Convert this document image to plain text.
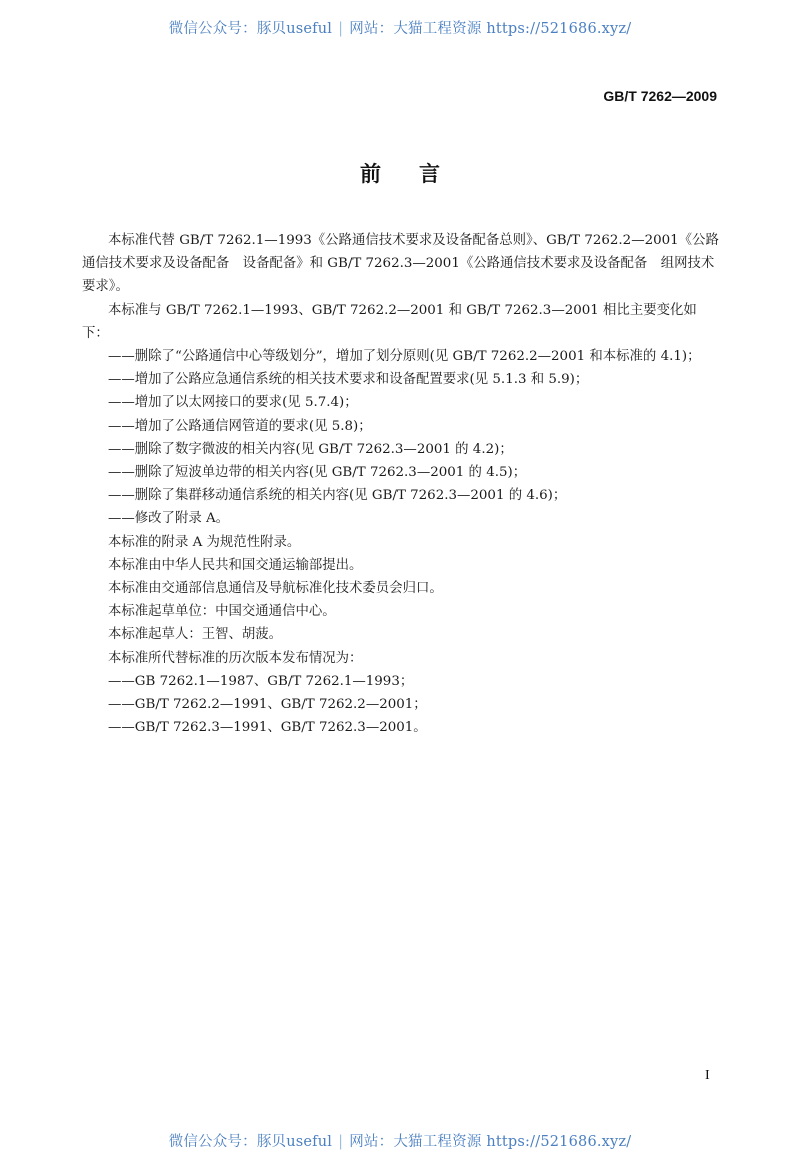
微信公众号：豚贝useful | 网站：大猫工程资源 https://521686.xyz/
GB/T 7262—2009
前言

本标准代替 GB/T 7262.1—1993《公路通信技术要求及设备配备总则》、GB/T 7262.2—2001《公路通信技术要求及设备配备　设备配备》和 GB/T 7262.3—2001《公路通信技术要求及设备配备　组网技术要求》。

本标准与 GB/T 7262.1—1993、GB/T 7262.2—2001 和 GB/T 7262.3—2001 相比主要变化如下：

——删除了“公路通信中心等级划分”，增加了划分原则(见 GB/T 7262.2—2001 和本标准的 4.1)；

——增加了公路应急通信系统的相关技术要求和设备配置要求(见 5.1.3 和 5.9)；

——增加了以太网接口的要求(见 5.7.4)；

——增加了公路通信网管道的要求(见 5.8)；

——删除了数字微波的相关内容(见 GB/T 7262.3—2001 的 4.2)；

——删除了短波单边带的相关内容(见 GB/T 7262.3—2001 的 4.5)；

——删除了集群移动通信系统的相关内容(见 GB/T 7262.3—2001 的 4.6)；

——修改了附录 A。

本标准的附录 A 为规范性附录。

本标准由中华人民共和国交通运输部提出。

本标准由交通部信息通信及导航标准化技术委员会归口。

本标准起草单位：中国交通通信中心。

本标准起草人：王智、胡菠。

本标准所代替标准的历次版本发布情况为：

——GB 7262.1—1987、GB/T 7262.1—1993；

——GB/T 7262.2—1991、GB/T 7262.2—2001；

——GB/T 7262.3—1991、GB/T 7262.3—2001。

I
微信公众号：豚贝useful | 网站：大猫工程资源 https://521686.xyz/
